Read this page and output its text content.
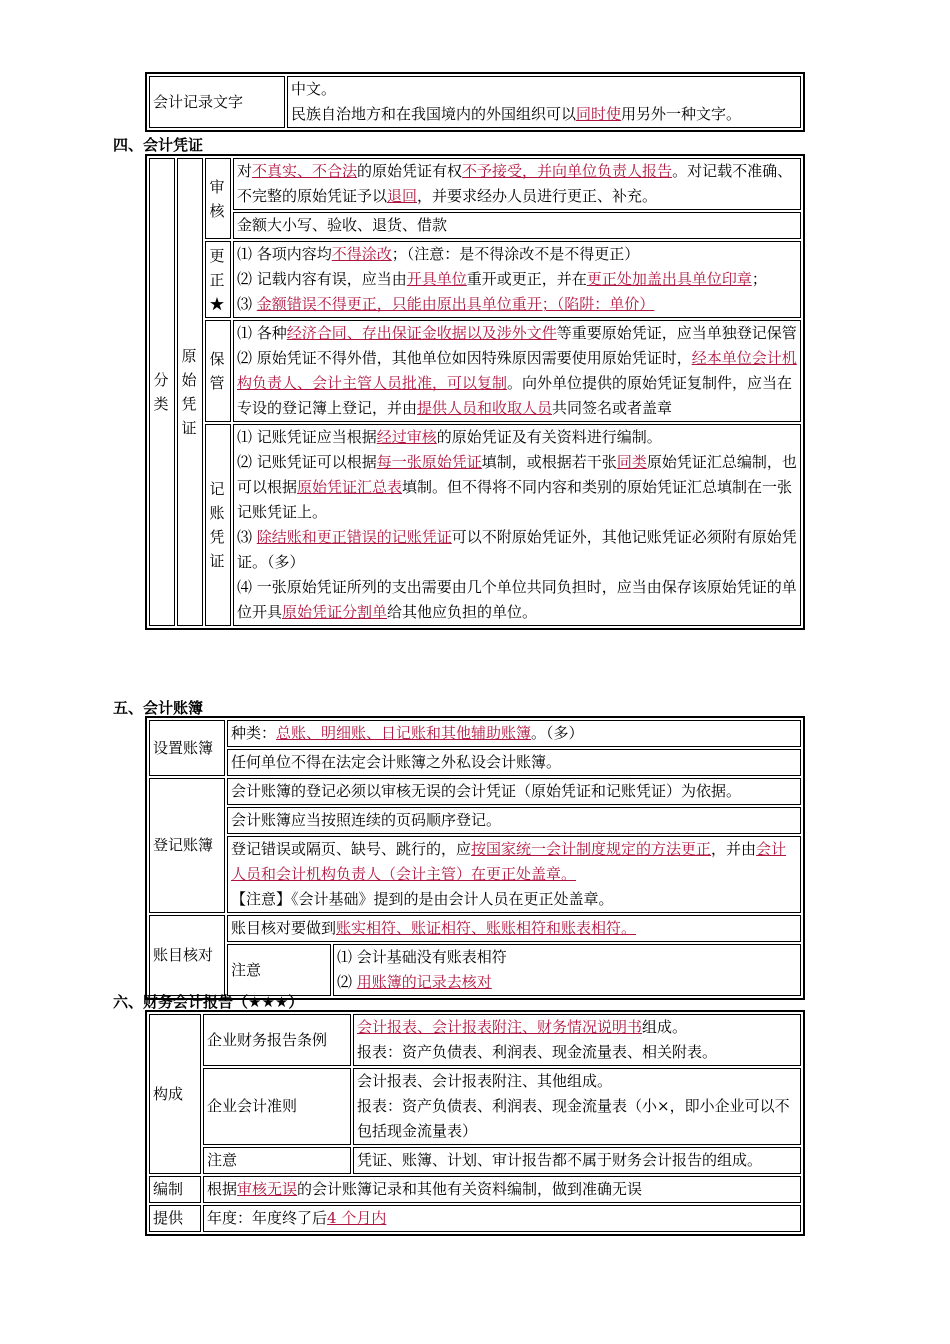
会计记录文字	
中文。
民族自治地方和在我国境内的外国组织可以同时使用另外一种文字。
四、会计凭证
分类	原始凭证	审核	对不真实、不合法的原始凭证有权不予接受，并向单位负责人报告。对记载不准确、不完整的原始凭证予以退回，并要求经办人员进行更正、补充。
			金额大小写、验收、退货、借款

		更正★	⑴ 各项内容均不得涂改；（注意：是不得涂改不是不得更正）
⑵ 记载内容有误，应当由开具单位重开或更正，并在更正处加盖出具单位印章；
⑶ 金额错误不得更正，只能由原出具单位重开；（陷阱：单价）

		保管	⑴ 各种经济合同、存出保证金收据以及涉外文件等重要原始凭证，应当单独登记保管
⑵ 原始凭证不得外借，其他单位如因特殊原因需要使用原始凭证时，经本单位会计机构负责人、会计主管人员批准，可以复制。向外单位提供的原始凭证复制件，应当在专设的登记簿上登记，并由提供人员和收取人员共同签名或者盖章

		记账凭证	⑴ 记账凭证应当根据经过审核的原始凭证及有关资料进行编制。
⑵ 记账凭证可以根据每一张原始凭证填制，或根据若干张同类原始凭证汇总编制，也可以根据原始凭证汇总表填制。但不得将不同内容和类别的原始凭证汇总填制在一张记账凭证上。
⑶ 除结账和更正错误的记账凭证可以不附原始凭证外，其他记账凭证必须附有原始凭证。（多）
⑷ 一张原始凭证所列的支出需要由几个单位共同负担时，应当由保存该原始凭证的单位开具原始凭证分割单给其他应负担的单位。
五、会计账簿
设置账簿	种类：总账、明细账、日记账和其他辅助账簿。（多）	
	任何单位不得在法定会计账簿之外私设会计账簿。	
登记账簿	会计账簿的登记必须以审核无误的会计凭证（原始凭证和记账凭证）为依据。	
	会计账簿应当按照连续的页码顺序登记。	

	登记错误或隔页、缺号、跳行的，应按国家统一会计制度规定的方法更正，并由会计人员和会计机构负责人（会计主管）在更正处盖章。
【注意】《会计基础》提到的是由会计人员在更正处盖章。	

账目核对	账目核对要做到账实相符、账证相符、账账相符和账表相符。	
	注意	⑴ 会计基础没有账表相符
⑵ 用账簿的记录去核对
六、财务会计报告（★★★）
构成	企业财务报告条例	会计报表、会计报表附注、财务情况说明书组成。
报表：资产负债表、利润表、现金流量表、相关附表。

	企业会计准则	会计报表、会计报表附注、其他组成。
报表：资产负债表、利润表、现金流量表（小×，即小企业可以不包括现金流量表）

	注意	凭证、账簿、计划、审计报告都不属于财务会计报告的组成。
编制	根据审核无误的会计账簿记录和其他有关资料编制，做到准确无误	
提供	年度：年度终了后4 个月内	
